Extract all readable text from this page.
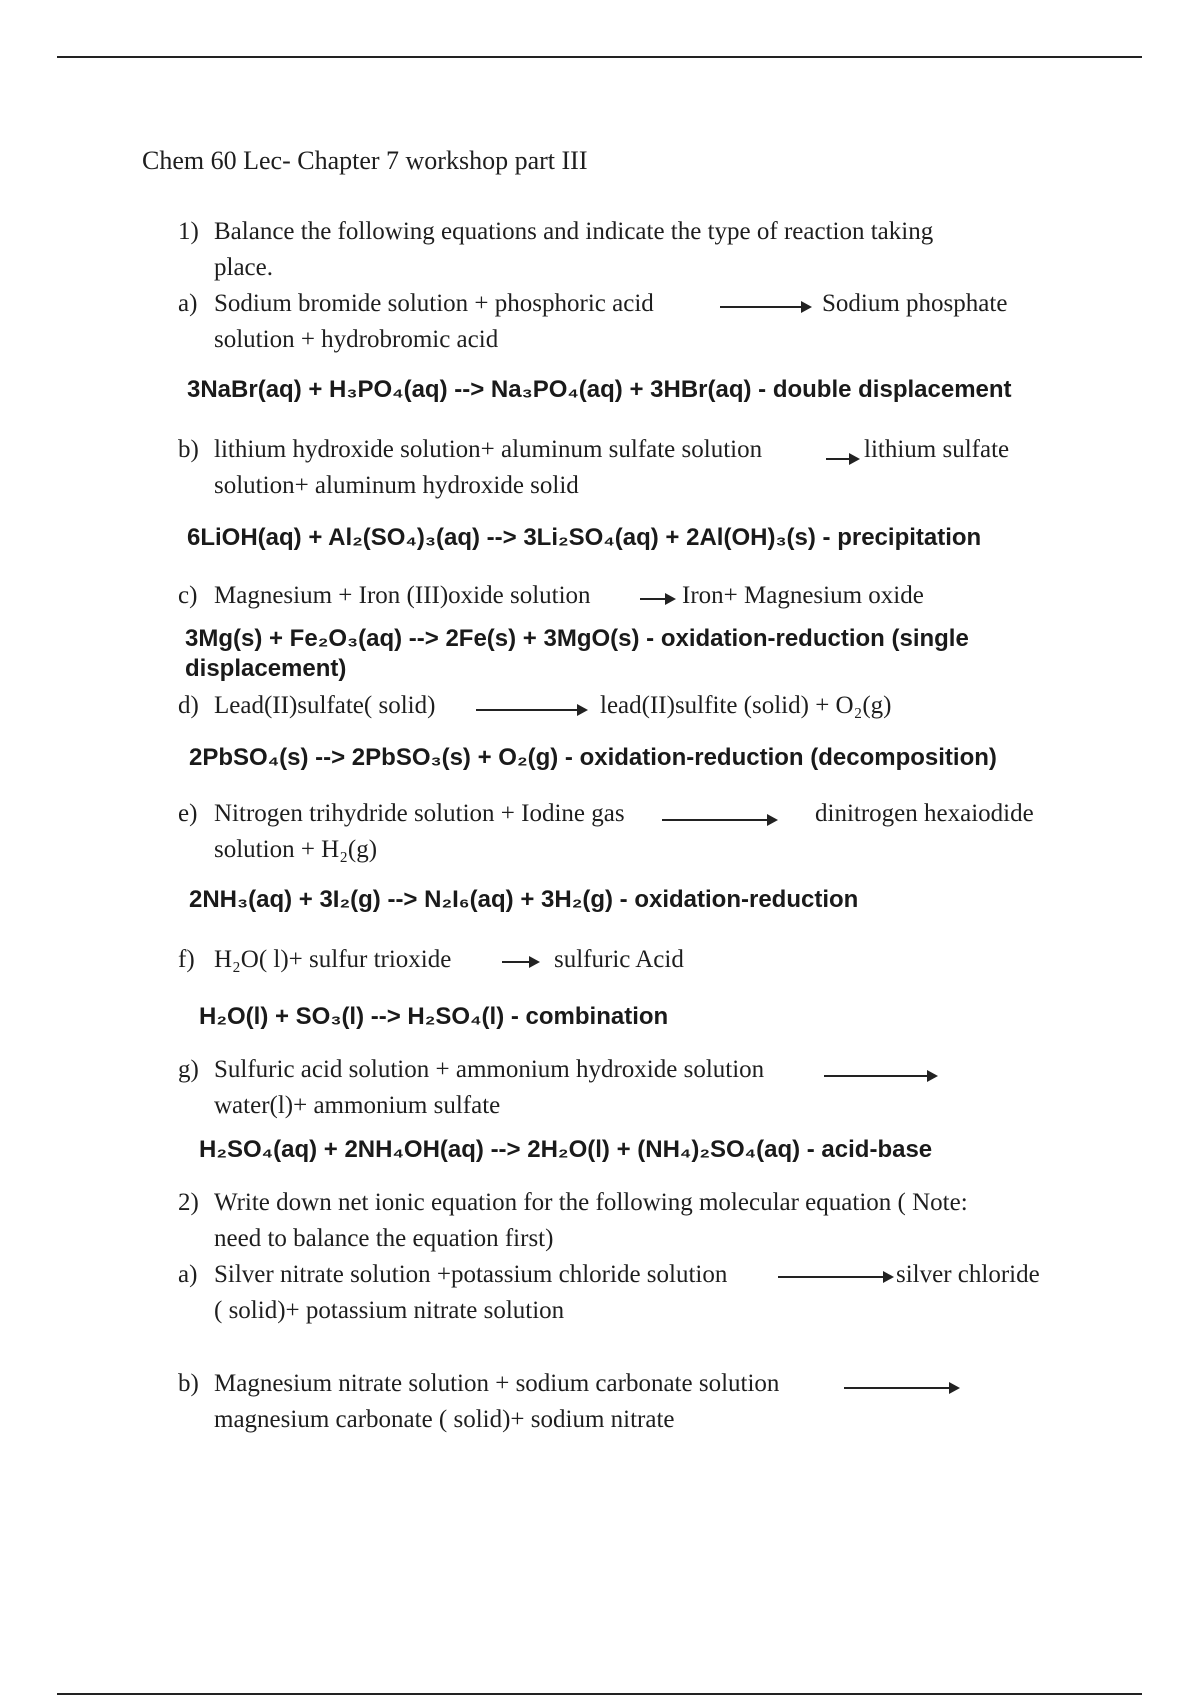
Chem 60 Lec- Chapter 7 workshop part III
1) Balance the following equations and indicate the type of reaction taking
place.
a) Sodium bromide solution + phosphoric acid	Sodium phosphate
solution + hydrobromic acid
3NaBr(aq) + H₃PO₄(aq) --> Na₃PO₄(aq) + 3HBr(aq) - double displacement
b) lithium hydroxide solution+ aluminum sulfate solution	→ lithium sulfate
solution+ aluminum hydroxide solid
6LiOH(aq) + Al₂(SO₄)₃(aq) --> 3Li₂SO₄(aq) + 2Al(OH)₃(s) - precipitation
c) Magnesium + Iron (III)oxide solution	→ Iron+ Magnesium oxide
3Mg(s) + Fe₂O₃(aq) --> 2Fe(s) + 3MgO(s) - oxidation-reduction (single
displacement)
d) Lead(II)sulfate( solid)	lead(II)sulfite (solid) + O₂(g)
2PbSO₄(s) --> 2PbSO₃(s) + O₂(g) - oxidation-reduction (decomposition)
e) Nitrogen trihydride solution + Iodine gas	dinitrogen hexaiodide
solution + H₂(g)
2NH₃(aq) + 3I₂(g) --> N₂I₆(aq) + 3H₂(g) - oxidation-reduction
f) H₂O( l)+ sulfur trioxide	→ sulfuric Acid
H₂O(l) + SO₃(l) --> H₂SO₄(l) - combination
g) Sulfuric acid solution + ammonium hydroxide solution
water(l)+ ammonium sulfate
H₂SO₄(aq) + 2NH₄OH(aq) --> 2H₂O(l) + (NH₄)₂SO₄(aq) - acid-base
2) Write down net ionic equation for the following molecular equation ( Note:
need to balance the equation first)
a) Silver nitrate solution +potassium chloride solution	silver chloride
( solid)+ potassium nitrate solution
b) Magnesium nitrate solution + sodium carbonate solution
magnesium carbonate ( solid)+ sodium nitrate
